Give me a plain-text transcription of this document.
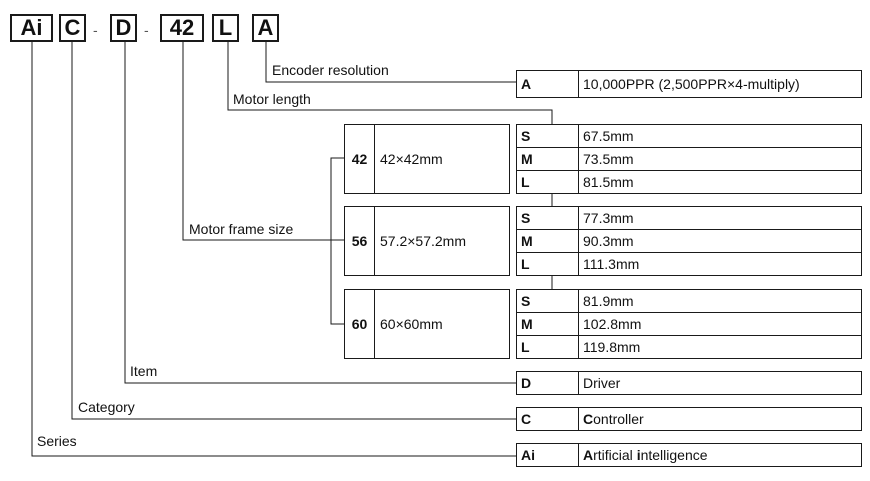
Ai	C - D - 42	L	A
Encoder resolution
Motor length
Motor frame size
Item
Category
Series
A	10,000PPR (2,500PPR×4-multiply)
42 42×42mm
56 57.2×57.2mm
60 60×60mm
S	67.5mm
M	73.5mm
L	81.5mm
S	77.3mm
M	90.3mm
L	111.3mm
S	81.9mm
M	102.8mm
L	119.8mm
D	Driver
C	C ontroller
Ai	A rtificial i ntelligence
